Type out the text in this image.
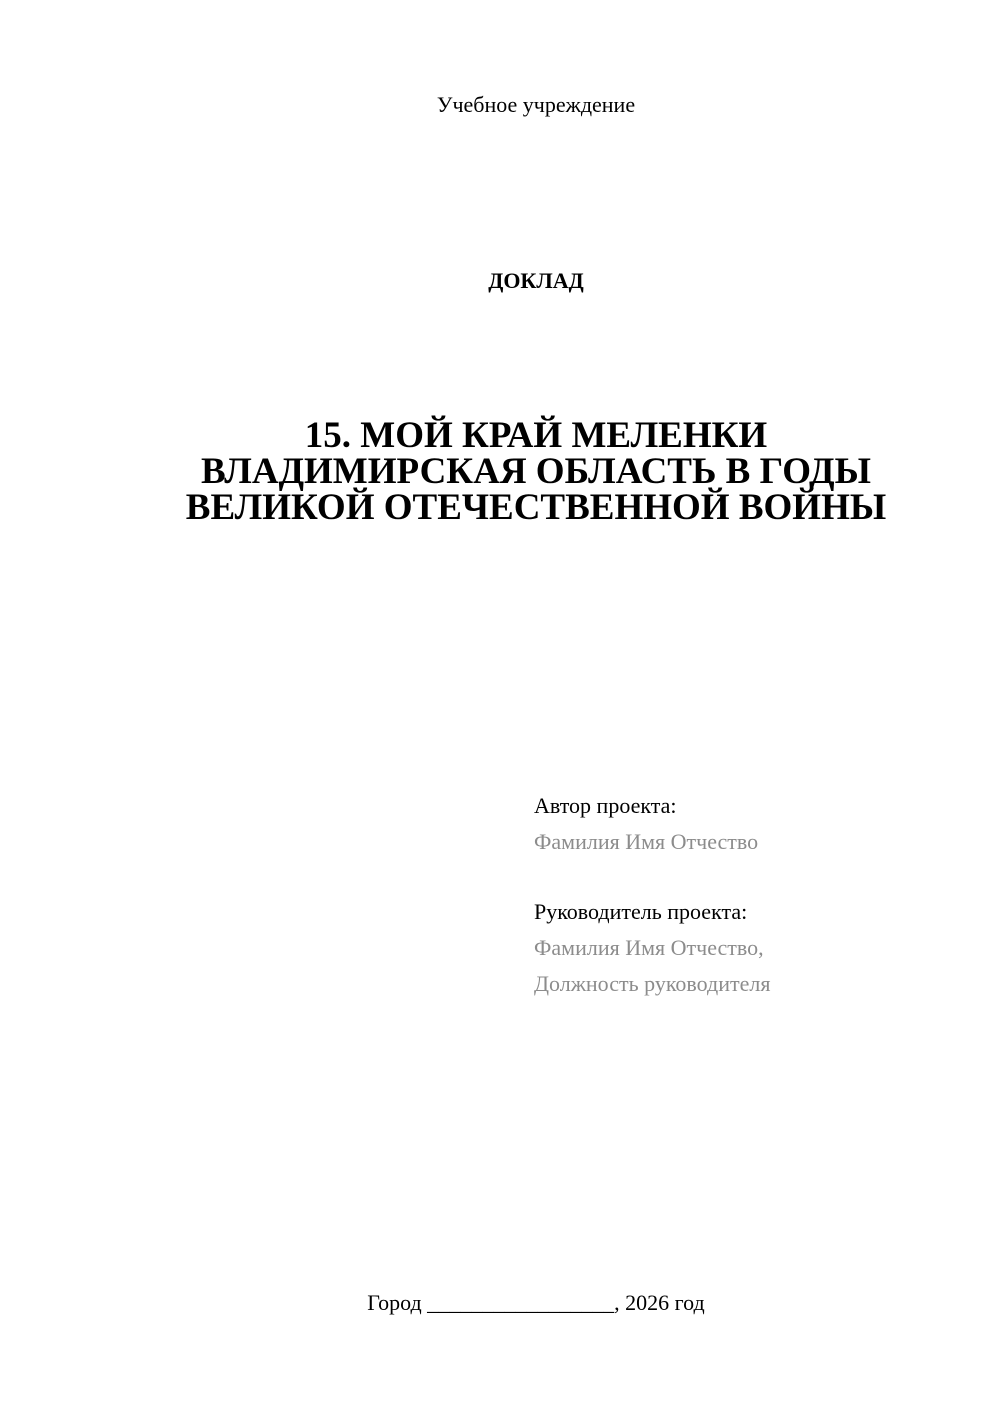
Учебное учреждение
ДОКЛАД
15. МОЙ КРАЙ МЕЛЕНКИ
ВЛАДИМИРСКАЯ ОБЛАСТЬ В ГОДЫ
ВЕЛИКОЙ ОТЕЧЕСТВЕННОЙ ВОЙНЫ
Автор проекта:
Фамилия Имя Отчество
Руководитель проекта:
Фамилия Имя Отчество,
Должность руководителя
Город _________________, 2026 год
